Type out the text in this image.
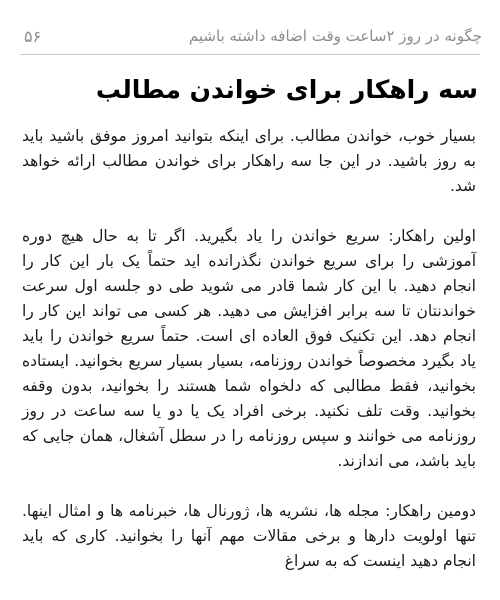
چگونه در روز ۲ساعت وقت اضافه داشته باشیم
۵۶
سه راهکار برای خواندن مطالب

بسیار خوب، خواندن مطالب. برای اینکه بتوانید امروز موفق باشید باید به روز باشید. در این جا سه راهکار برای خواندن مطالب ارائه خواهد شد.

اولین راهکار: سریع خواندن را یاد بگیرید. اگر تا به حال هیچ دوره آموزشی را برای سریع خواندن نگذرانده اید حتماً یک بار این کار را انجام دهید. با این کار شما قادر می شوید طی دو جلسه اول سرعت خواندنتان تا سه برابر افزایش می دهید. هر کسی می تواند این کار را انجام دهد. این تکنیک فوق العاده ای است. حتماً سریع خواندن را باید یاد بگیرد مخصوصاً خواندن روزنامه، بسیار بسیار سریع بخوانید. ایستاده بخوانید، فقط مطالبی که دلخواه شما هستند را بخوانید، بدون وقفه بخوانید. وقت تلف نکنید. برخی افراد یک یا دو یا سه ساعت در روز روزنامه می خوانند و سپس روزنامه را در سطل آشغال، همان جایی که باید باشد، می اندازند.

دومین راهکار: مجله ها، نشریه ها، ژورنال ها، خبرنامه ها و امثال اینها. تنها اولویت دارها و برخی مقالات مهم آنها را بخوانید. کاری که باید انجام دهید اینست که به سراغ
